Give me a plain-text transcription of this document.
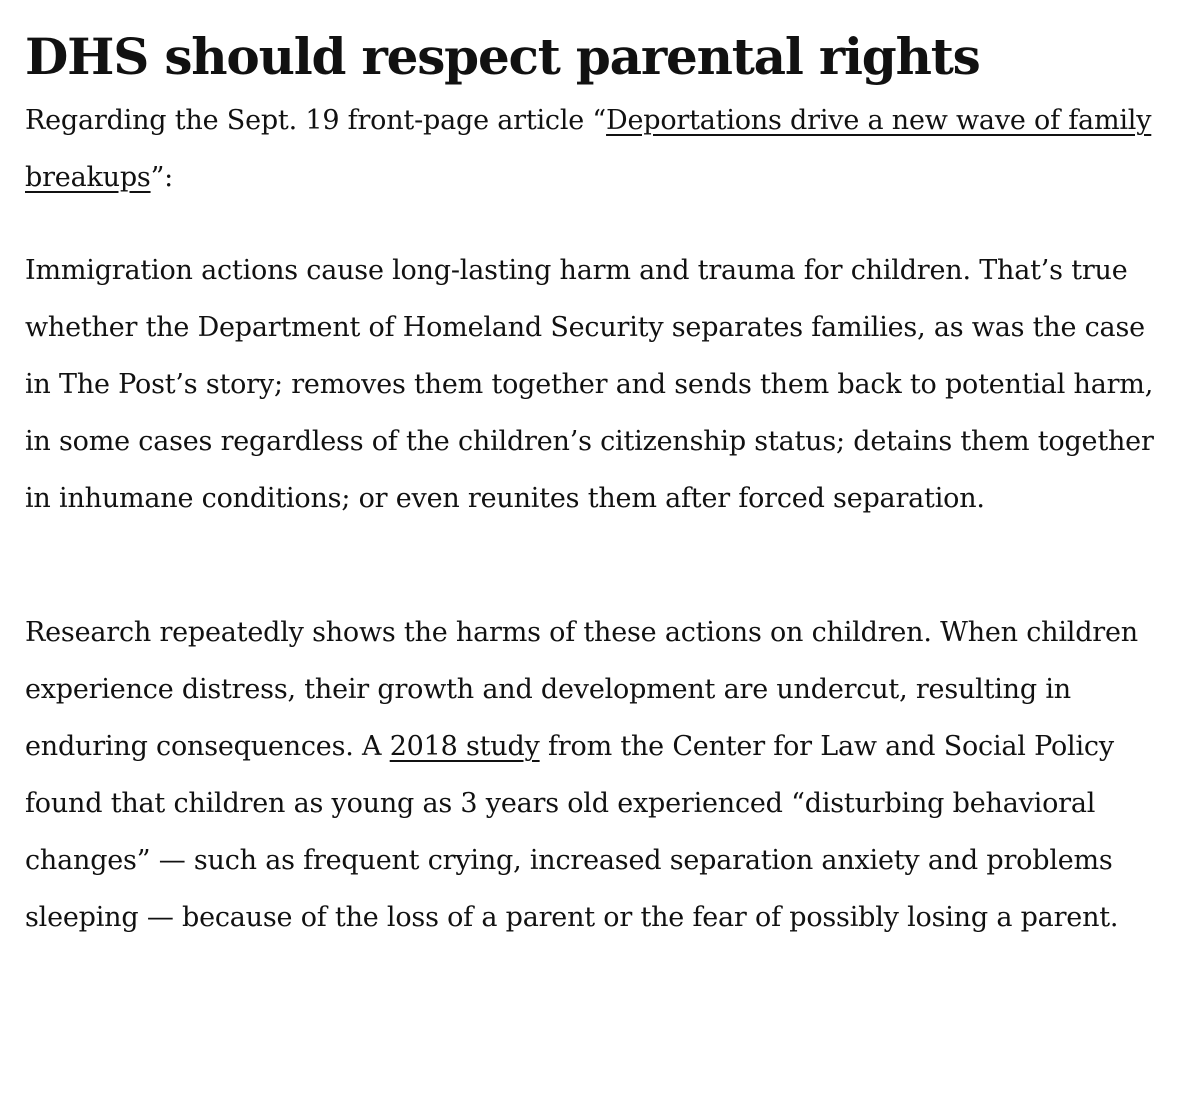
DHS should respect parental rights

Regarding the Sept. 19 front-page article “Deportations drive a new wave of family breakups”:

Immigration actions cause long-lasting harm and trauma for children. That’s true whether the Department of Homeland Security separates families, as was the case in The Post’s story; removes them together and sends them back to potential harm, in some cases regardless of the children’s citizenship status; detains them together in inhumane conditions; or even reunites them after forced separation.

Research repeatedly shows the harms of these actions on children. When children experience distress, their growth and development are undercut, resulting in enduring consequences. A 2018 study from the Center for Law and Social Policy found that children as young as 3 years old experienced “disturbing behavioral changes” — such as frequent crying, increased separation anxiety and problems sleeping — because of the loss of a parent or the fear of possibly losing a parent.
